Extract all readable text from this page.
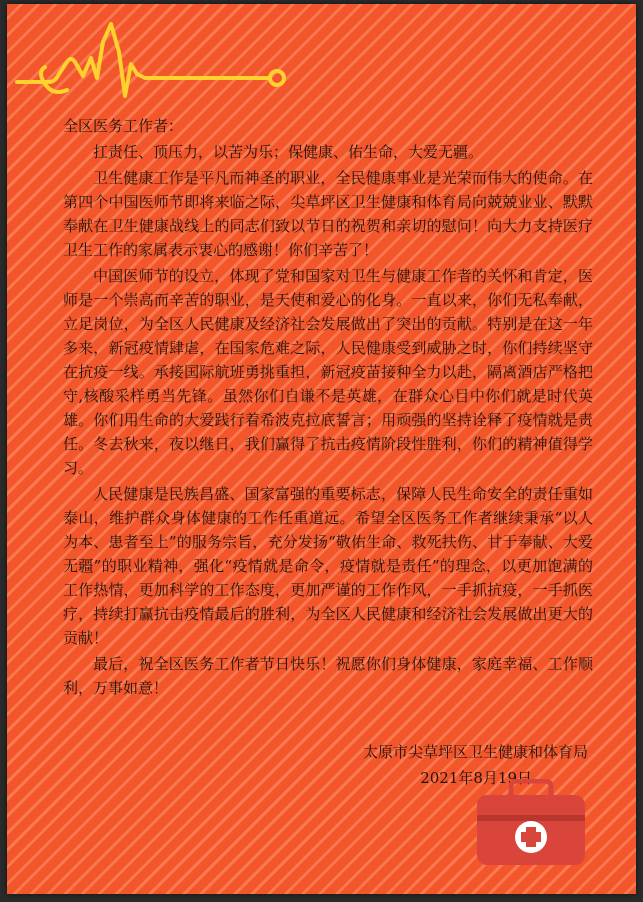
全区医务工作者：

扛责任、顶压力，以苦为乐；保健康、佑生命，大爱无疆。

卫生健康工作是平凡而神圣的职业，全民健康事业是光荣而伟大的使命。在第四个中国医师节即将来临之际，尖草坪区卫生健康和体育局向兢兢业业、默默奉献在卫生健康战线上的同志们致以节日的祝贺和亲切的慰问！向大力支持医疗卫生工作的家属表示衷心的感谢！你们辛苦了！

中国医师节的设立，体现了党和国家对卫生与健康工作者的关怀和肯定，医师是一个崇高而辛苦的职业，是天使和爱心的化身。一直以来，你们无私奉献，立足岗位，为全区人民健康及经济社会发展做出了突出的贡献。特别是在这一年多来，新冠疫情肆虐，在国家危难之际，人民健康受到威胁之时，你们持续坚守在抗疫一线。承接国际航班勇挑重担，新冠疫苗接种全力以赴，隔离酒店严格把守,核酸采样勇当先锋。虽然你们自谦不是英雄，在群众心目中你们就是时代英雄。你们用生命的大爱践行着希波克拉底誓言；用顽强的坚持诠释了疫情就是责任。冬去秋来，夜以继日，我们赢得了抗击疫情阶段性胜利，你们的精神值得学习。

人民健康是民族昌盛、国家富强的重要标志，保障人民生命安全的责任重如泰山，维护群众身体健康的工作任重道远。希望全区医务工作者继续秉承“以人为本、患者至上”的服务宗旨，充分发扬“敬佑生命、救死扶伤、甘于奉献、大爱无疆”的职业精神，强化“疫情就是命令，疫情就是责任”的理念，以更加饱满的工作热情，更加科学的工作态度，更加严谨的工作作风，一手抓抗疫，一手抓医疗，持续打赢抗击疫情最后的胜利，为全区人民健康和经济社会发展做出更大的贡献！

最后，祝全区医务工作者节日快乐！祝愿你们身体健康，家庭幸福、工作顺利，万事如意！

太原市尖草坪区卫生健康和体育局
2021年8月19日
